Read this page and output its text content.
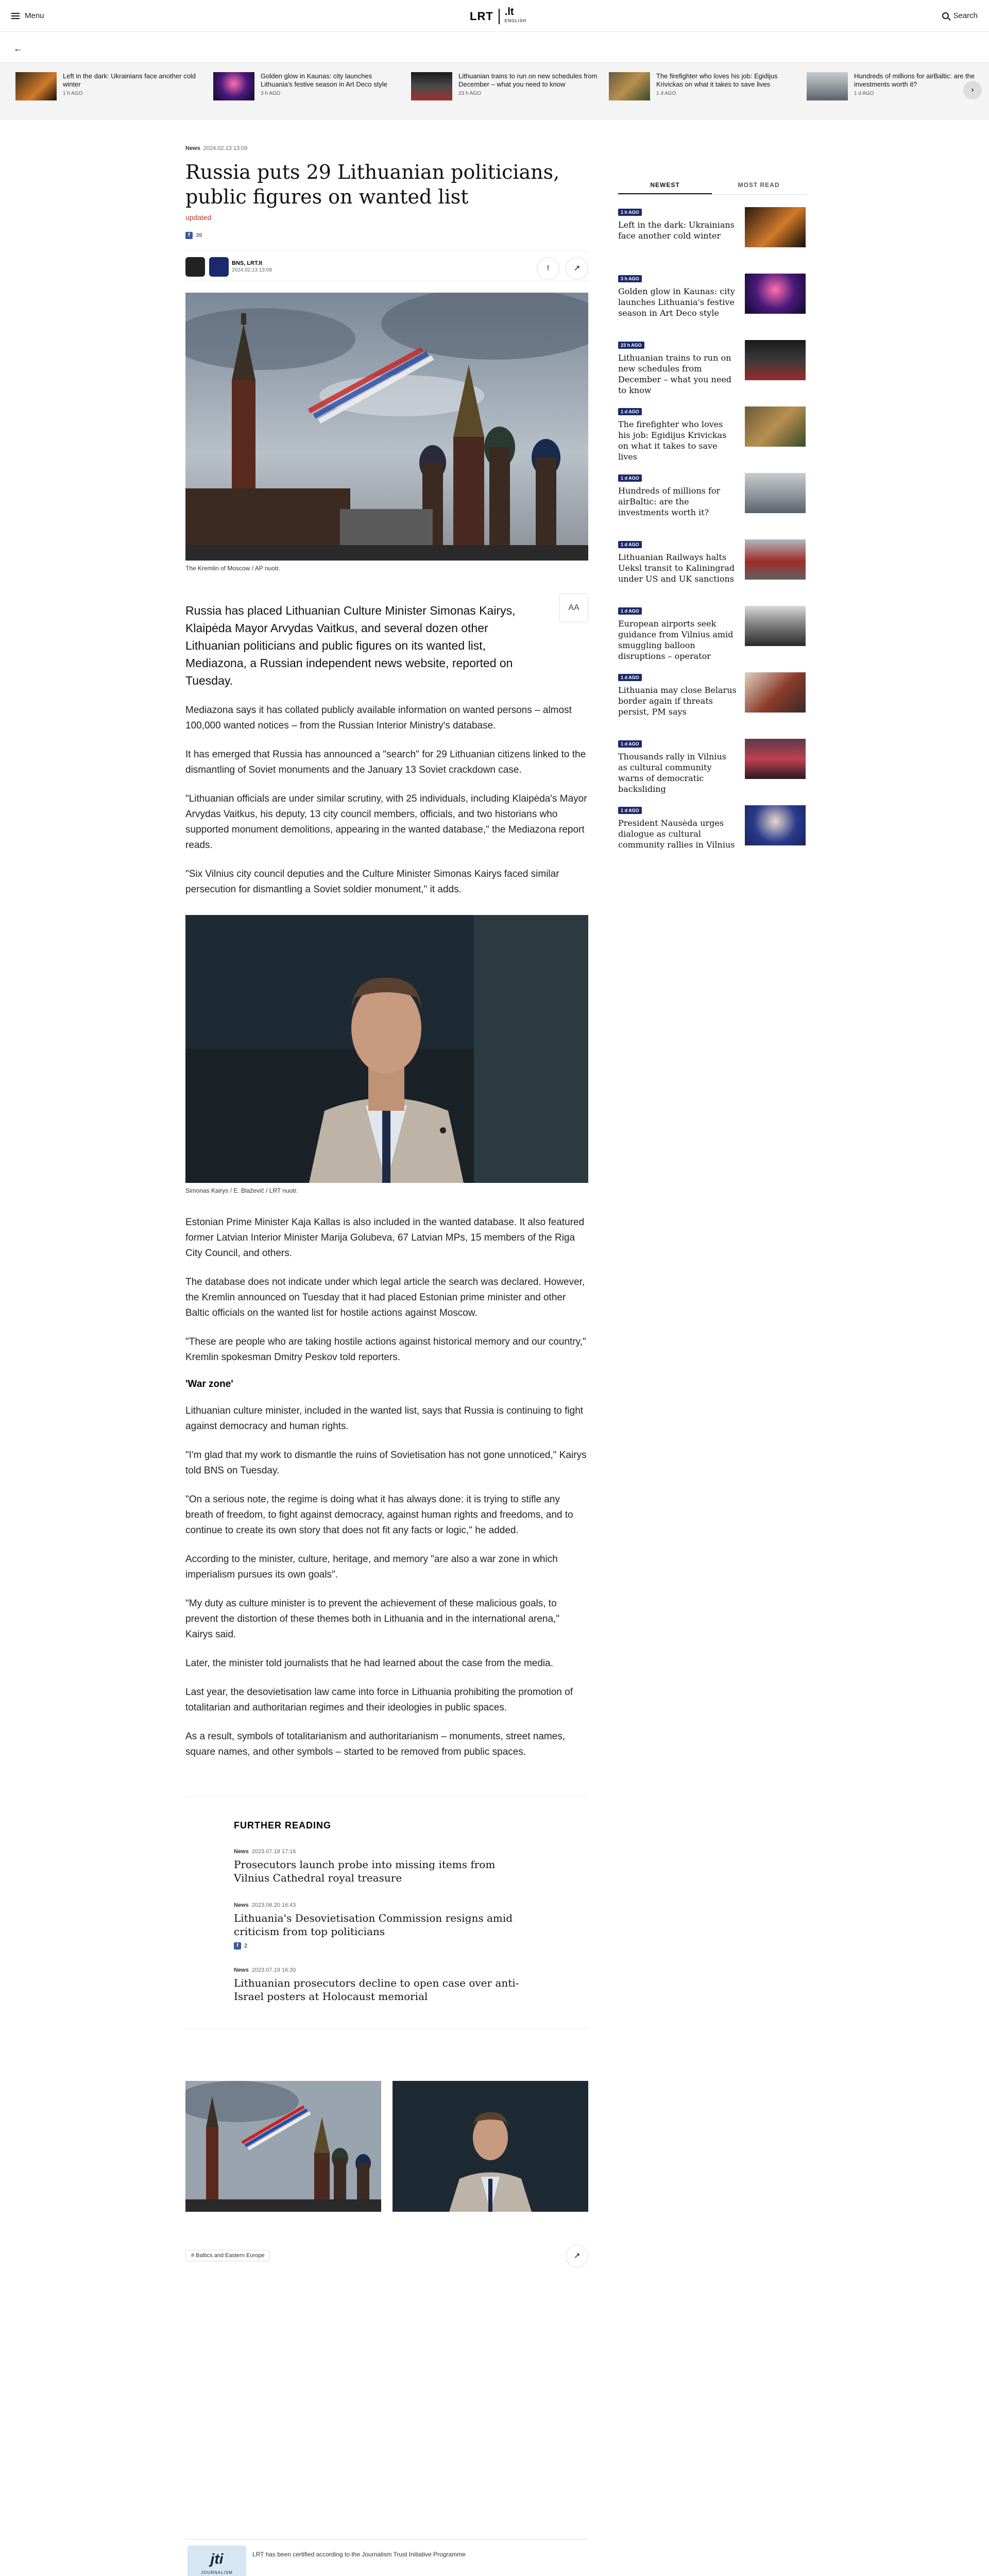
Menu	LRT .lt
ENGLISH
Search
←
Left in the dark: Ukrainians face another cold winter
1 h AGO
Golden glow in Kaunas: city launches Lithuania's festive season in Art Deco style
3 h AGO
Lithuanian trains to run on new schedules from December – what you need to know
23 h AGO
The firefighter who loves his job: Egidijus Krivickas on what it takes to save lives
1 d AGO
Hundreds of millions for airBaltic: are the investments worth it?
1 d AGO	›
News 2024.02.13 13:09
Russia puts 29 Lithuanian politicians, public figures on wanted list
updated
f	39
BNS, LRT.lt
2024.02.13 13:09	!	↗
The Kremlin of Moscow / AP nuotr.
AA
Russia has placed Lithuanian Culture Minister Simonas Kairys, Klaipėda Mayor Arvydas Vaitkus, and several dozen other Lithuanian politicians and public figures on its wanted list, Mediazona, a Russian independent news website, reported on Tuesday.

Mediazona says it has collated publicly available information on wanted persons – almost 100,000 wanted notices – from the Russian Interior Ministry's database.

It has emerged that Russia has announced a "search" for 29 Lithuanian citizens linked to the dismantling of Soviet monuments and the January 13 Soviet crackdown case.

"Lithuanian officials are under similar scrutiny, with 25 individuals, including Klaipėda's Mayor Arvydas Vaitkus, his deputy, 13 city council members, officials, and two historians who supported monument demolitions, appearing in the wanted database," the Mediazona report reads.

"Six Vilnius city council deputies and the Culture Minister Simonas Kairys faced similar persecution for dismantling a Soviet soldier monument," it adds.

Simonas Kairys / E. Blaževič / LRT nuotr.

Estonian Prime Minister Kaja Kallas is also included in the wanted database. It also featured former Latvian Interior Minister Marija Golubeva, 67 Latvian MPs, 15 members of the Riga City Council, and others.

The database does not indicate under which legal article the search was declared. However, the Kremlin announced on Tuesday that it had placed Estonian prime minister and other Baltic officials on the wanted list for hostile actions against Moscow.

"These are people who are taking hostile actions against historical memory and our country," Kremlin spokesman Dmitry Peskov told reporters.

'War zone'

Lithuanian culture minister, included in the wanted list, says that Russia is continuing to fight against democracy and human rights.

"I'm glad that my work to dismantle the ruins of Sovietisation has not gone unnoticed," Kairys told BNS on Tuesday.

"On a serious note, the regime is doing what it has always done: it is trying to stifle any breath of freedom, to fight against democracy, against human rights and freedoms, and to continue to create its own story that does not fit any facts or logic," he added.

According to the minister, culture, heritage, and memory "are also a war zone in which imperialism pursues its own goals".

"My duty as culture minister is to prevent the achievement of these malicious goals, to prevent the distortion of these themes both in Lithuania and in the international arena," Kairys said.

Later, the minister told journalists that he had learned about the case from the media.

Last year, the desovietisation law came into force in Lithuania prohibiting the promotion of totalitarian and authoritarian regimes and their ideologies in public spaces.

As a result, symbols of totalitarianism and authoritarianism – monuments, street names, square names, and other symbols – started to be removed from public spaces.

FURTHER READING
News 2023.07.18 17:16
Prosecutors launch probe into missing items from Vilnius Cathedral royal treasure
News 2023.06.20 16:43
Lithuania's Desovietisation Commission resigns amid criticism from top politicians
f	2
News 2023.07.19 16:30
Lithuanian prosecutors decline to open case over anti-Israel posters at Holocaust memorial
# Baltics and Eastern Europe	↗
NEWEST	MOST READ
1 h AGO
Left in the dark: Ukrainians face another cold winter
3 h AGO
Golden glow in Kaunas: city launches Lithuania's festive season in Art Deco style
23 h AGO
Lithuanian trains to run on new schedules from December – what you need to know
1 d AGO
The firefighter who loves his job: Egidijus Krivickas on what it takes to save lives
1 d AGO
Hundreds of millions for airBaltic: are the investments worth it?
1 d AGO
Lithuanian Railways halts Ueksl transit to Kaliningrad under US and UK sanctions
1 d AGO
European airports seek guidance from Vilnius amid smuggling balloon disruptions – operator
1 d AGO
Lithuania may close Belarus border again if threats persist, PM says
1 d AGO
Thousands rally in Vilnius as cultural community warns of democratic backsliding
1 d AGO
President Nausėda urges dialogue as cultural community rallies in Vilnius
jti
JOURNALISM
LRT has been certified according to the Journalism Trust Initiative Programme
